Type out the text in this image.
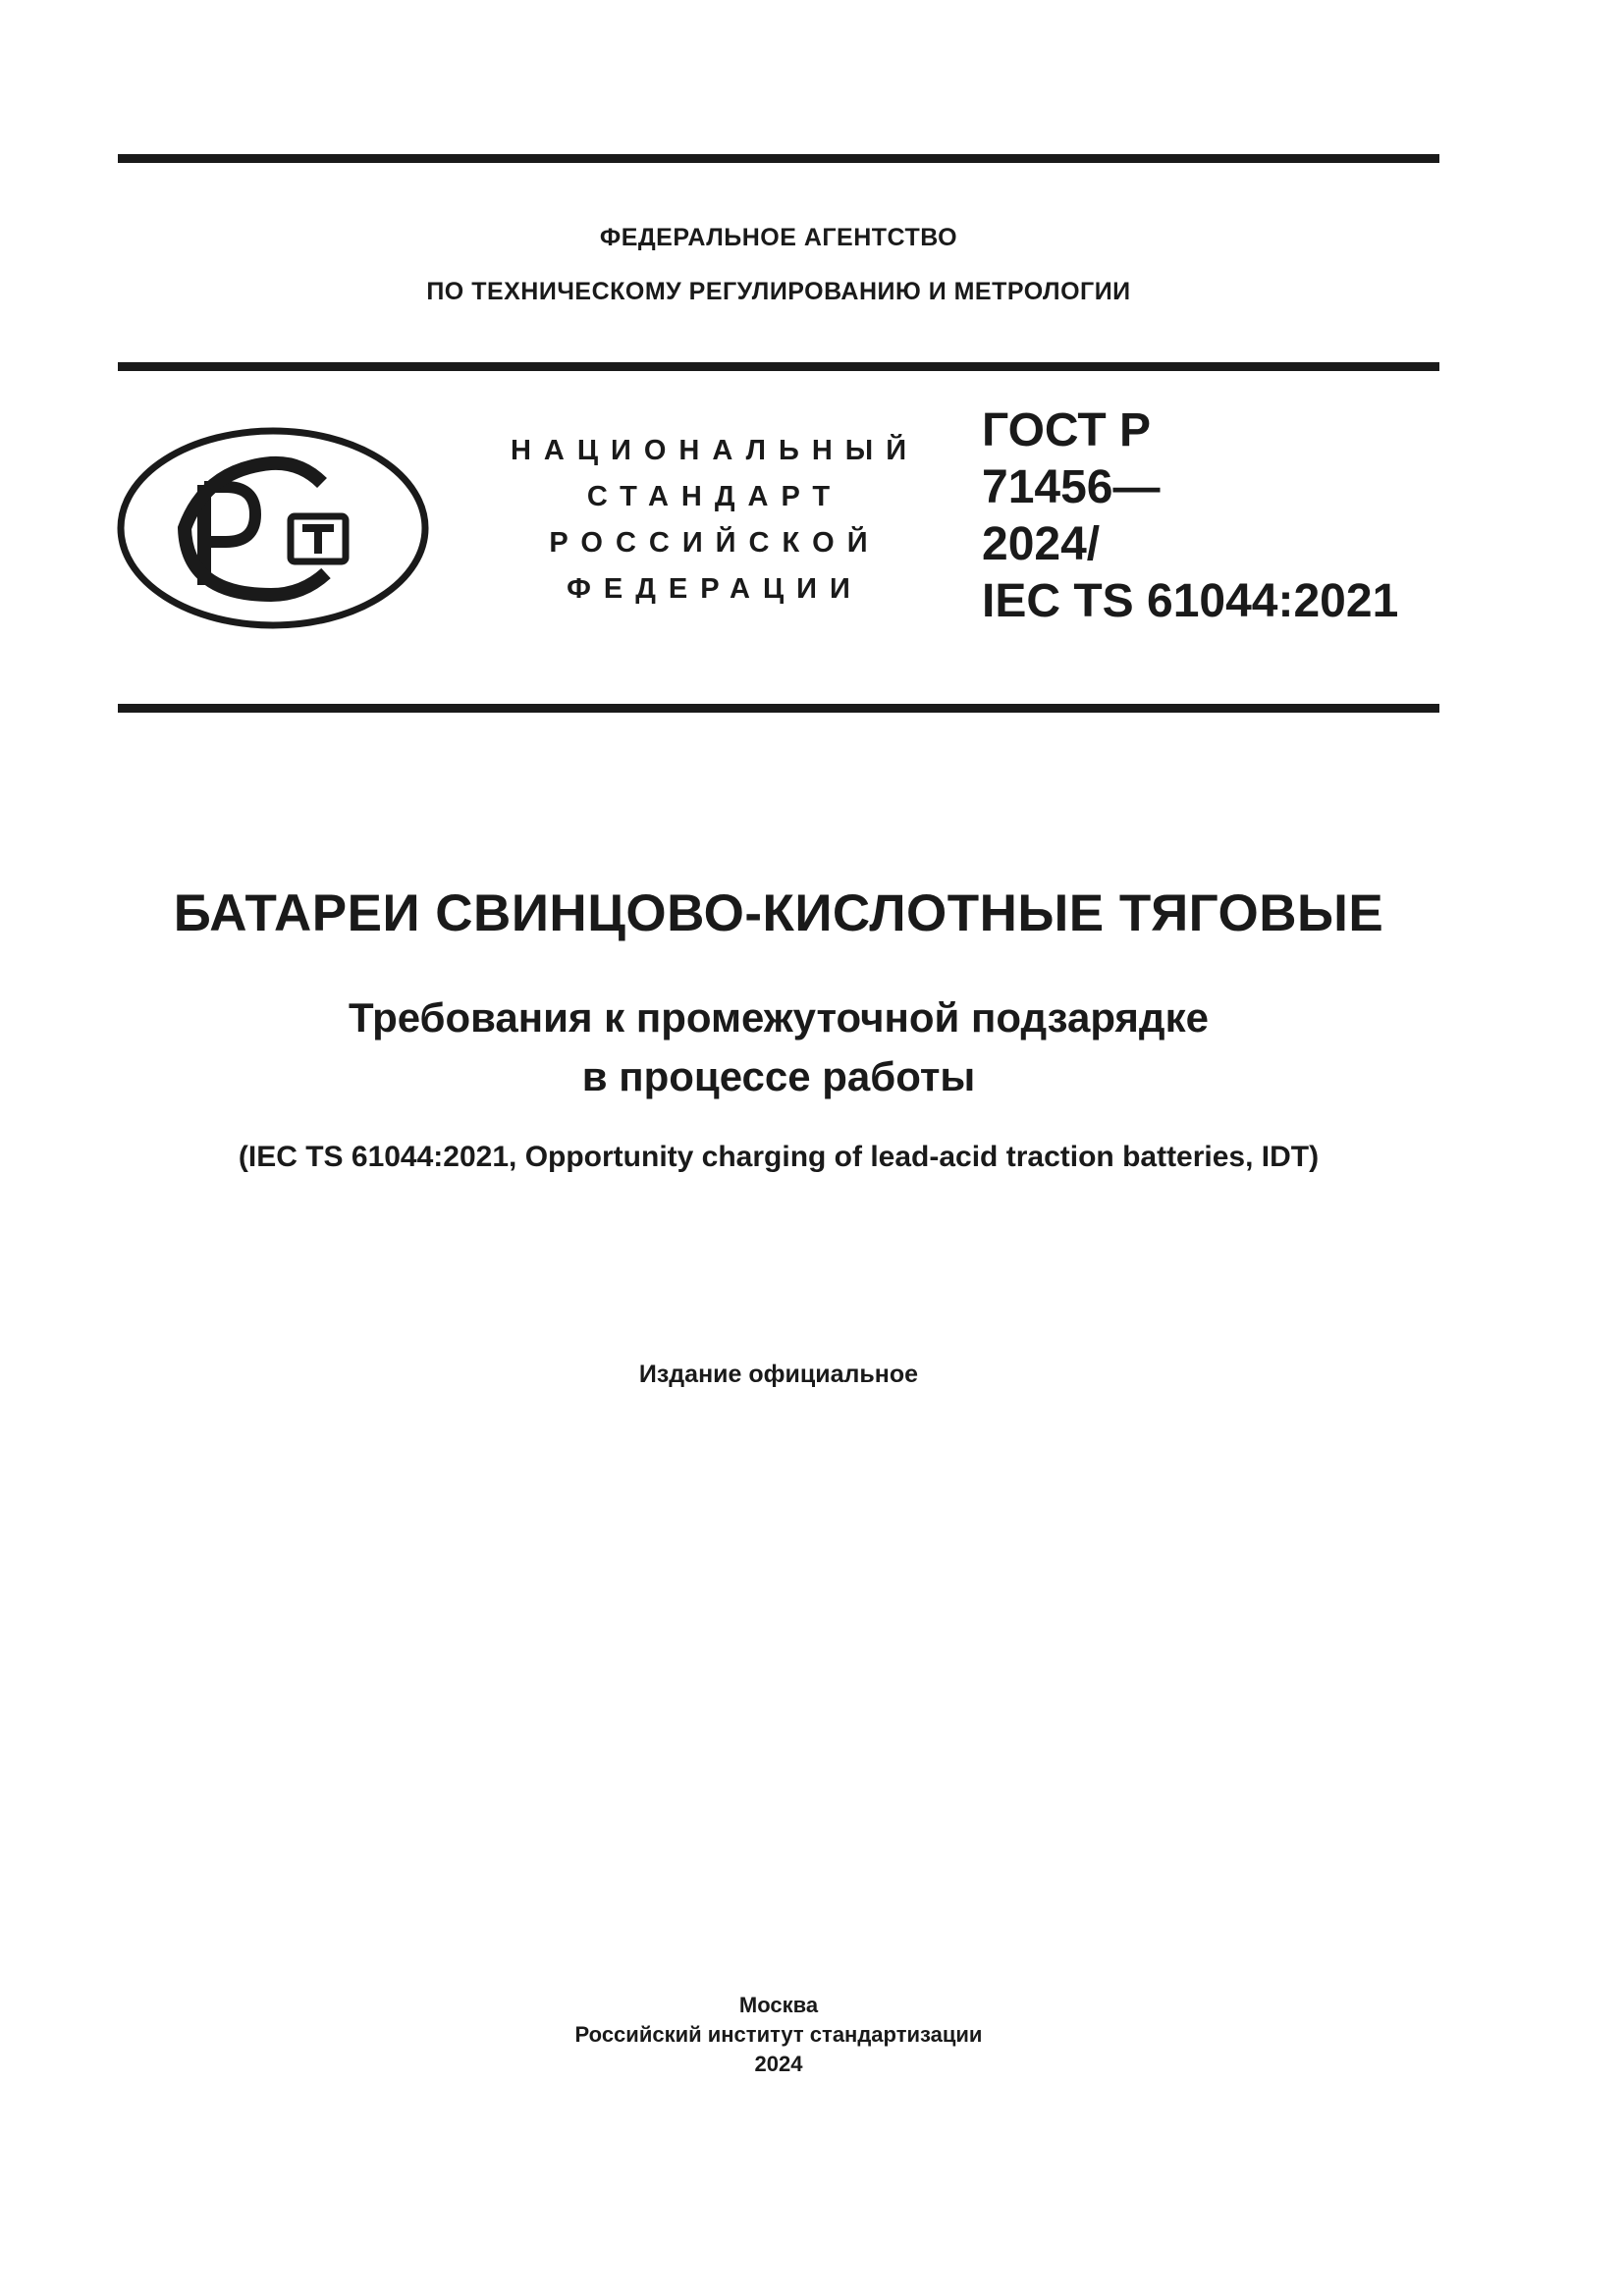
ФЕДЕРАЛЬНОЕ АГЕНТСТВО
ПО ТЕХНИЧЕСКОМУ РЕГУЛИРОВАНИЮ И МЕТРОЛОГИИ
НАЦИОНАЛЬНЫЙ
СТАНДАРТ
РОССИЙСКОЙ
ФЕДЕРАЦИИ
ГОСТ Р
71456—
2024/
IEC TS 61044:2021
БАТАРЕИ СВИНЦОВО-КИСЛОТНЫЕ ТЯГОВЫЕ
Требования к промежуточной подзарядке
в процессе работы
(IEC TS 61044:2021, Opportunity charging of lead-acid traction batteries, IDT)
Издание официальное
Москва
Российский институт стандартизации
2024
